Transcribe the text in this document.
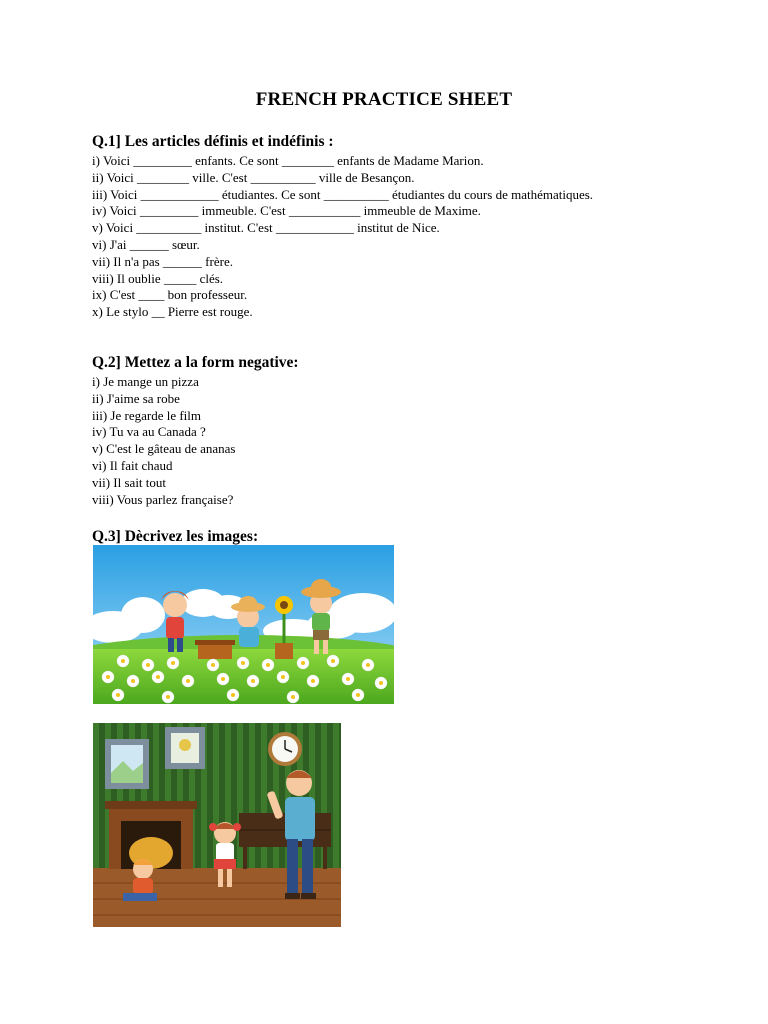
FRENCH PRACTICE SHEET
Q.1] Les articles définis et indéfinis :
i) Voici _________ enfants. Ce sont ________ enfants de Madame Marion.
ii) Voici ________ ville. C'est __________ ville de Besançon.
iii) Voici ____________ étudiantes. Ce sont __________ étudiantes du cours de mathématiques.
iv) Voici _________ immeuble. C'est ___________ immeuble de Maxime.
v) Voici __________ institut. C'est ____________ institut de Nice.
vi) J'ai ______ sœur.
vii) Il n'a pas ______ frère.
viii) Il oublie _____ clés.
ix) C'est ____ bon professeur.
x) Le stylo __ Pierre est rouge.
Q.2] Mettez a la form negative:
i) Je mange un pizza
ii) J'aime sa robe
iii) Je regarde le film
iv) Tu va au Canada ?
v) C'est le gâteau de ananas
vi) Il fait chaud
vii) Il sait tout
viii) Vous parlez française?
Q.3] Dècrivez les images:
